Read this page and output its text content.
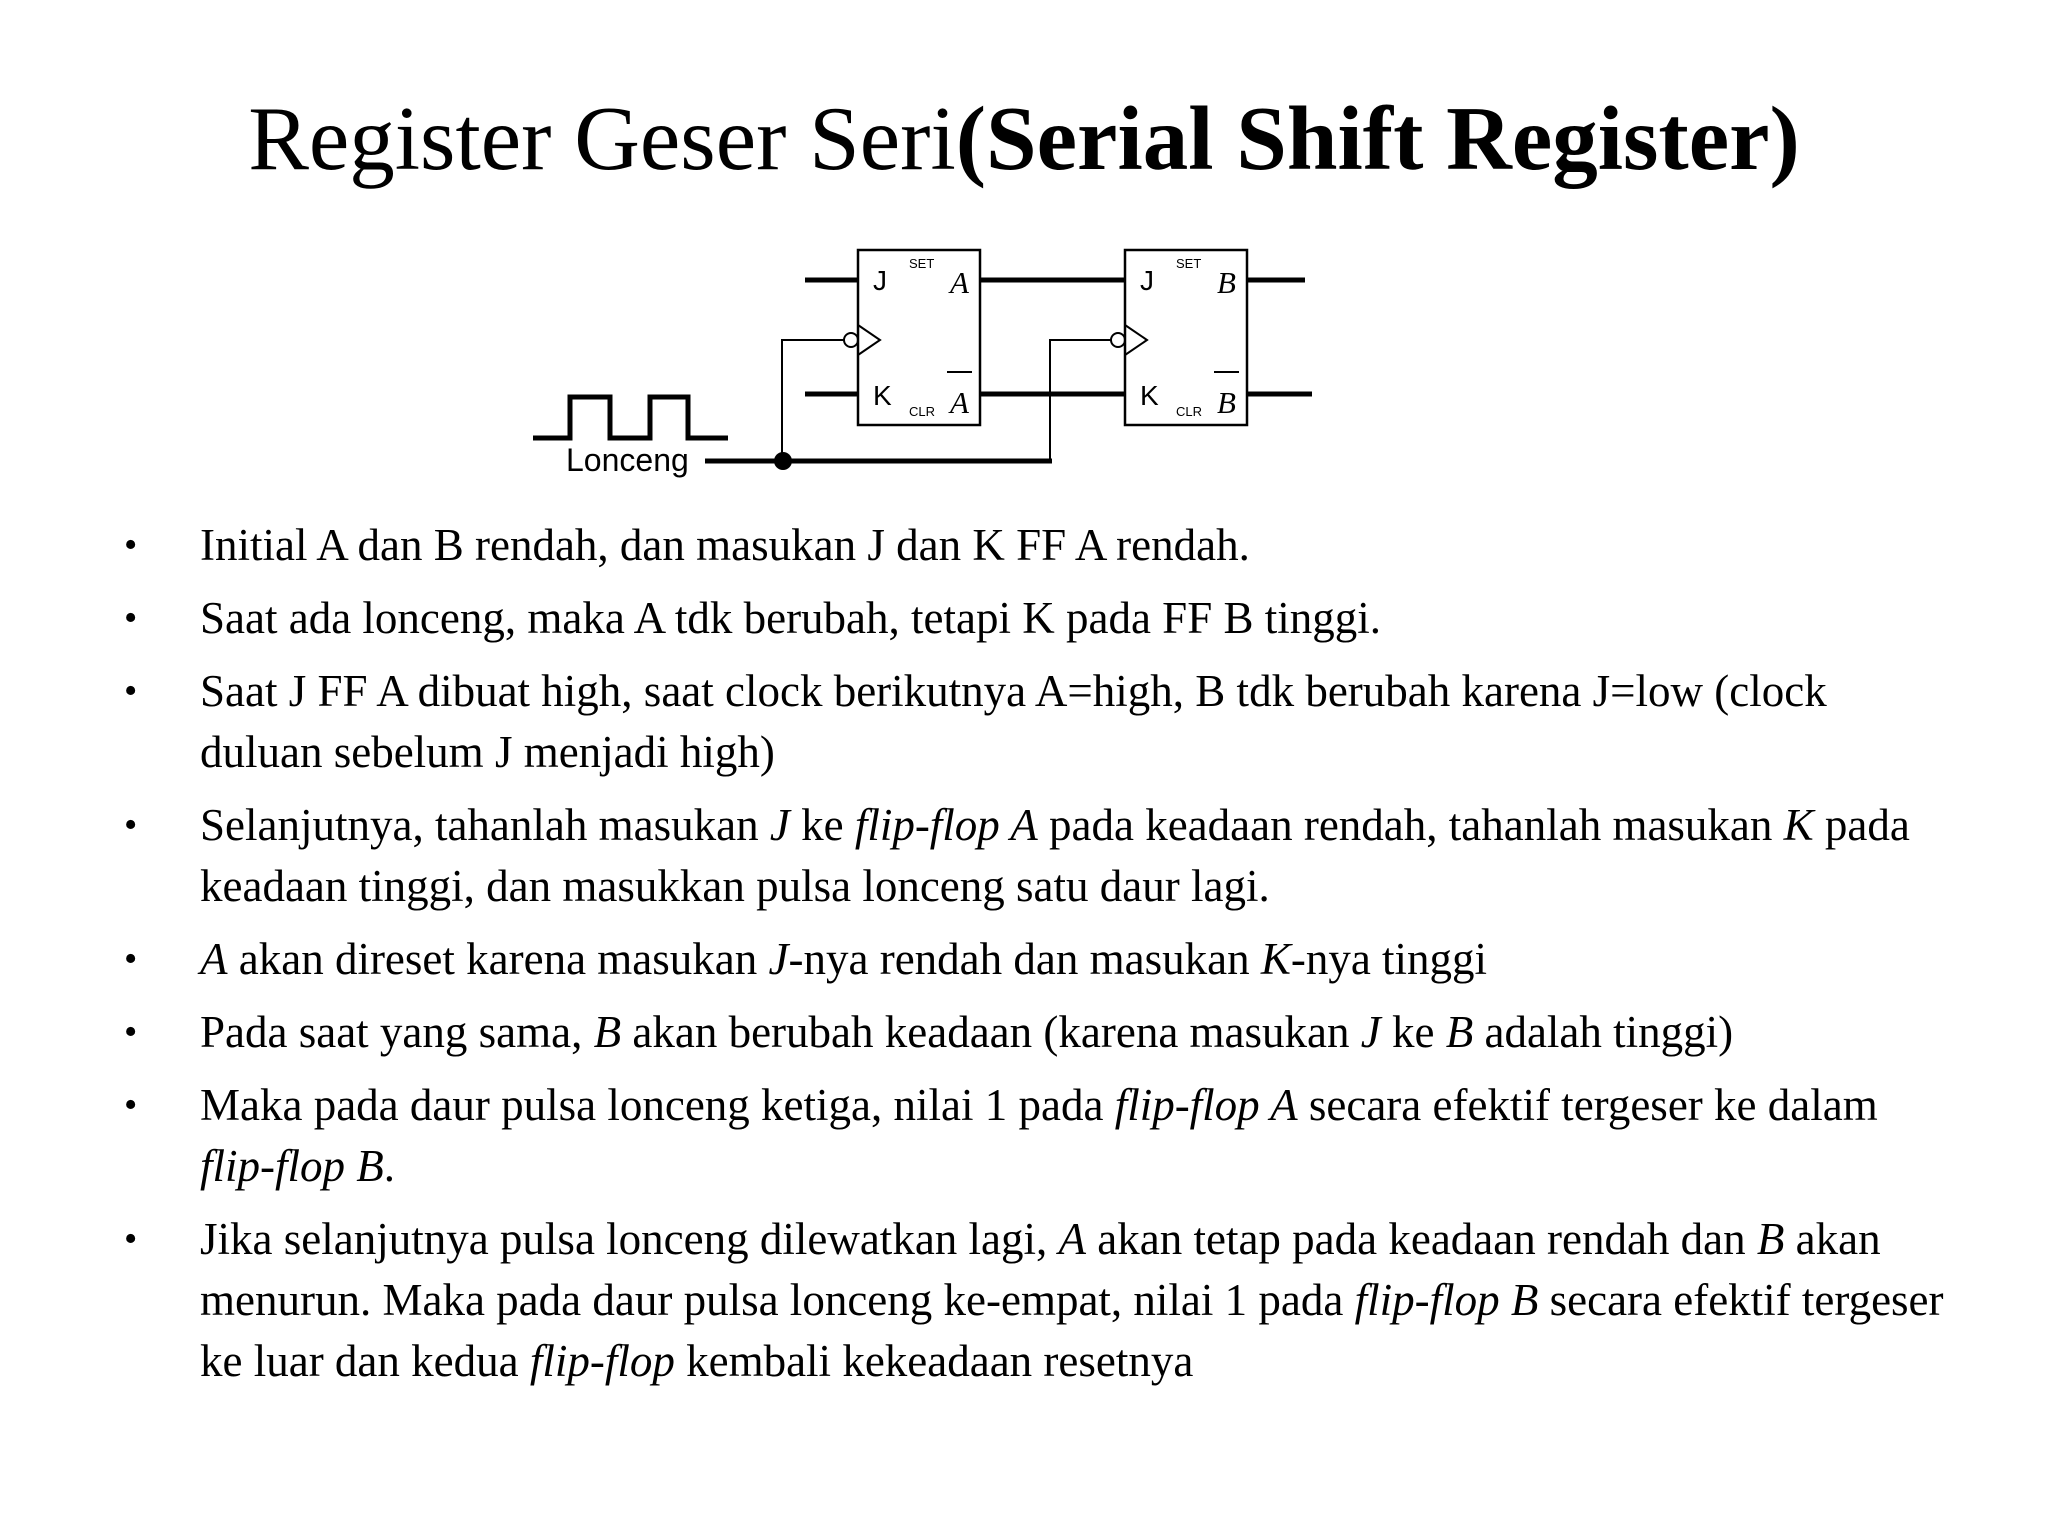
Register Geser Seri(Serial Shift Register)
J
K
SET
CLR
A
A
J
K
SET
CLR
B
B
Lonceng
• Initial A dan B rendah, dan masukan J dan K FF A rendah.
• Saat ada lonceng, maka A tdk berubah, tetapi K pada FF B tinggi.
• Saat J FF A dibuat high, saat clock berikutnya A=high, B tdk berubah karena J=low (clock duluan sebelum J menjadi high)
• Selanjutnya, tahanlah masukan J ke flip-flop A pada keadaan rendah, tahanlah masukan K pada keadaan tinggi, dan masukkan pulsa lonceng satu daur lagi.
• A akan direset karena masukan J-nya rendah dan masukan K-nya tinggi
• Pada saat yang sama, B akan berubah keadaan (karena masukan J ke B adalah tinggi)
• Maka pada daur pulsa lonceng ketiga, nilai 1 pada flip-flop A secara efektif tergeser ke dalam flip-flop B.
• Jika selanjutnya pulsa lonceng dilewatkan lagi, A akan tetap pada keadaan rendah dan B akan menurun. Maka pada daur pulsa lonceng ke-empat, nilai 1 pada flip-flop B secara efektif tergeser ke luar dan kedua flip-flop kembali kekeadaan resetnya
